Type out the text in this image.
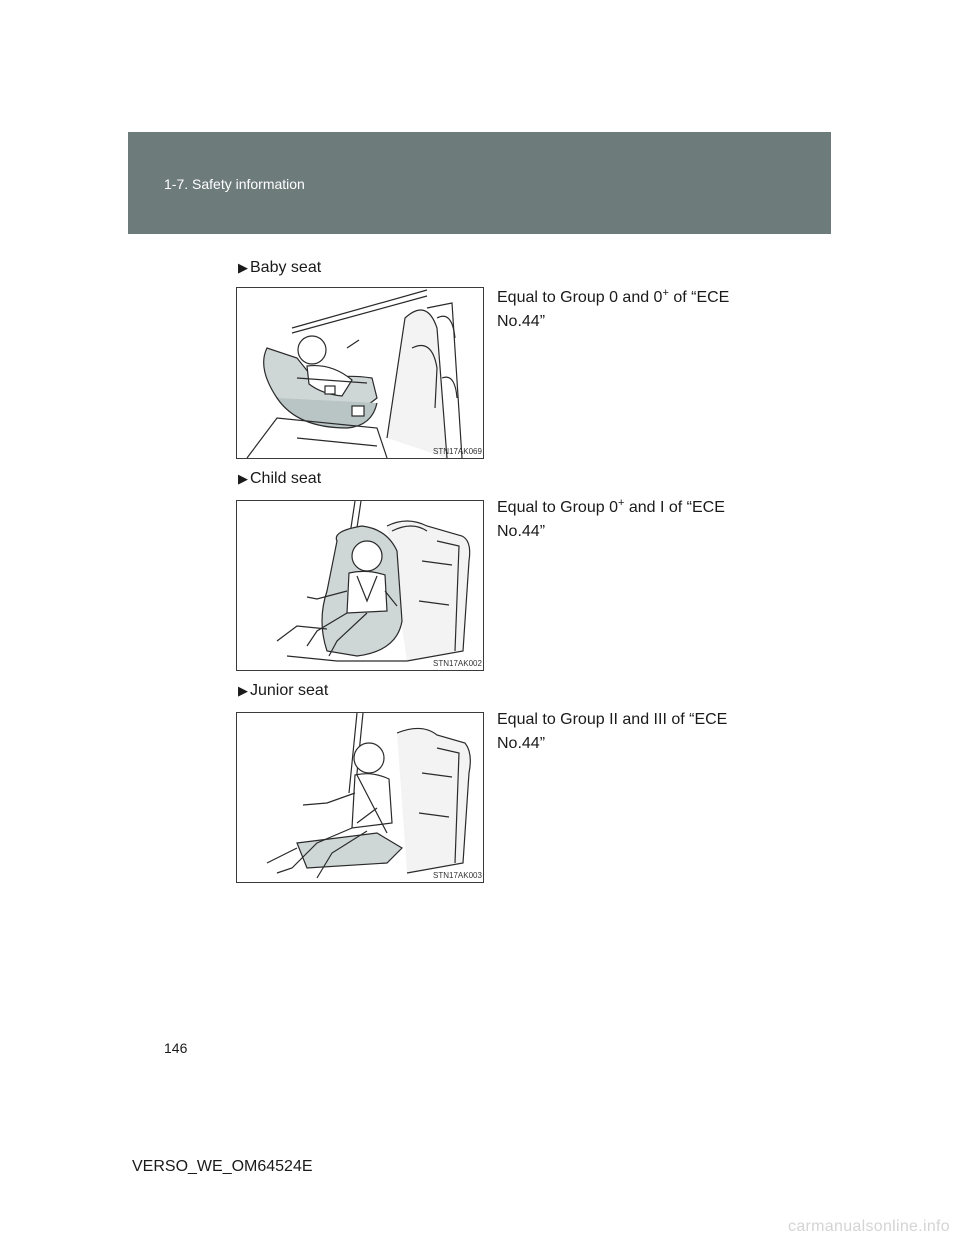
1-7. Safety information
▶ Baby seat
STN17AK069
Equal to Group 0 and 0+ of “ECE No.44”
▶ Child seat
STN17AK002
Equal to Group 0+ and I of “ECE No.44”
▶ Junior seat
STN17AK003
Equal to Group II and III of “ECE No.44”
146
VERSO_WE_OM64524E
carmanualsonline.info
